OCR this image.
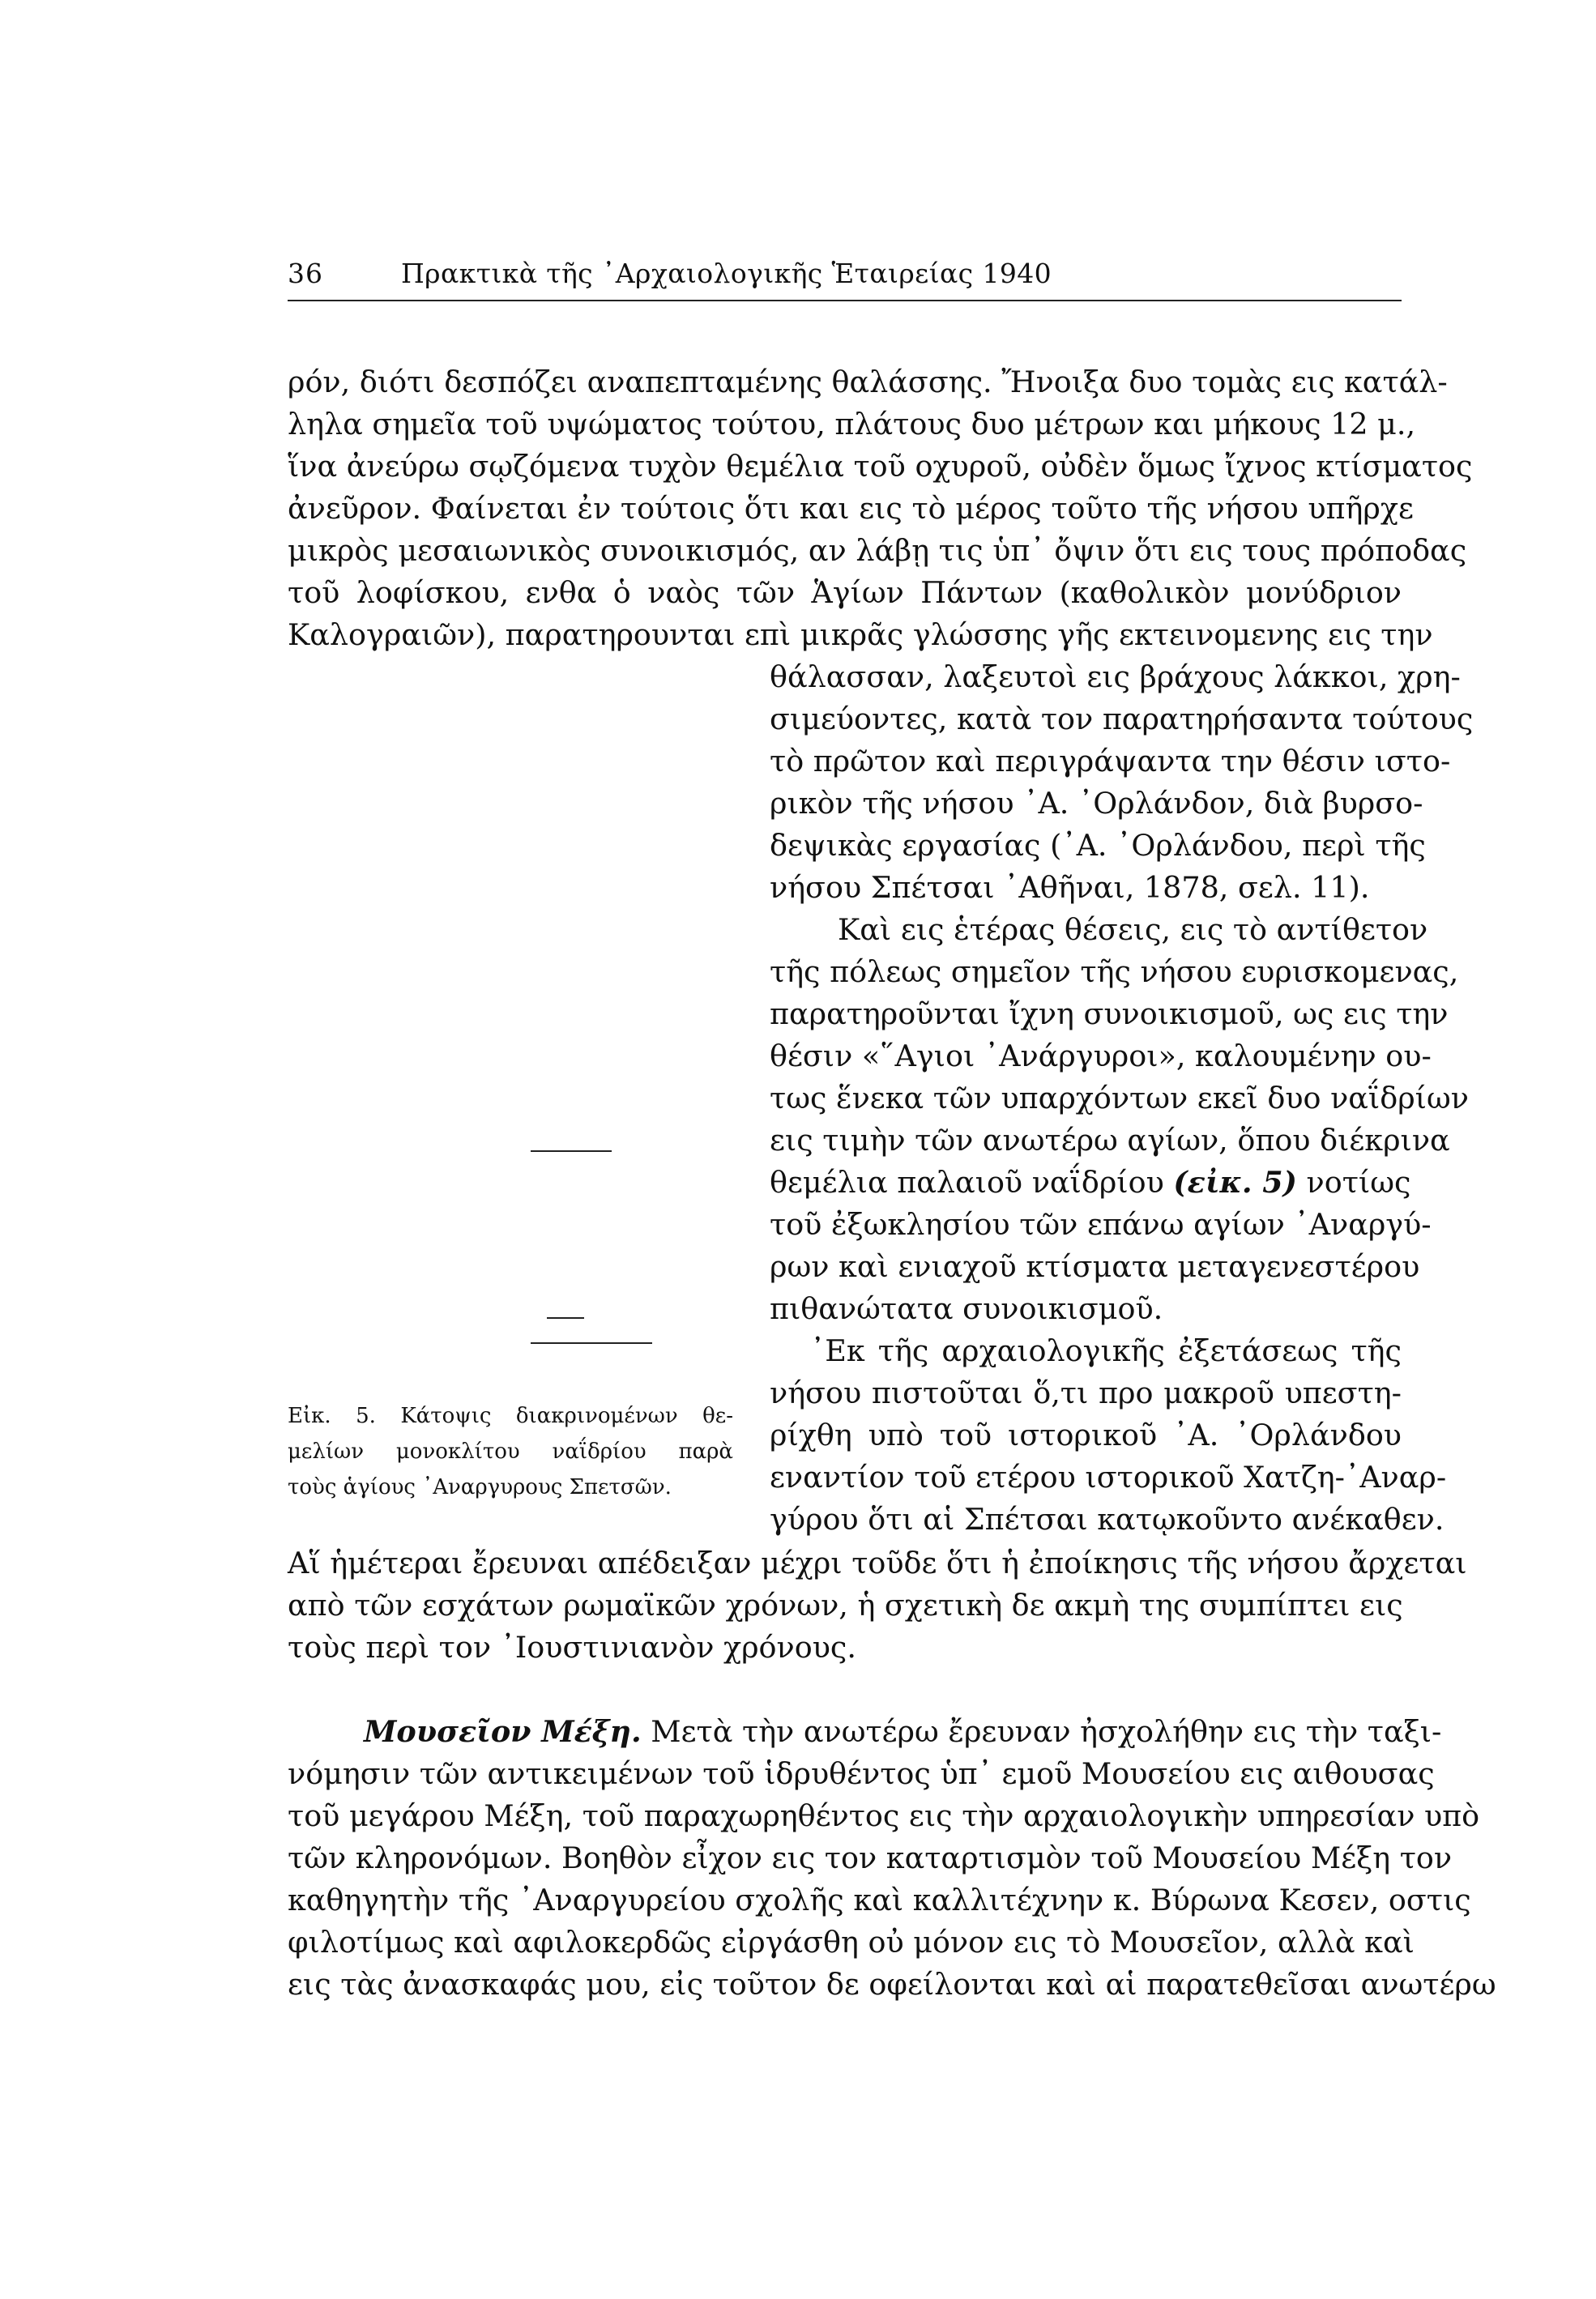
36	Πρακτικὰ τῆς ᾽Αρχαιολογικῆς Ἑταιρείας 1940
ρόν, διότι δεσπόζει αναπεπταμένης θαλάσσης. Ἤνοιξα δυο τομὰς εις κατάλ-
ληλα σημεῖα τοῦ υψώματος τούτου, πλάτους δυο μέτρων και μήκους 12 μ.,
ἵνα ἀνεύρω σῳζόμενα τυχὸν θεμέλια τοῦ οχυροῦ, οὐδὲν ὅμως ἴχνος κτίσματος
ἀνεῦρον. Φαίνεται ἐν τούτοις ὅτι και εις τὸ μέρος τοῦτο τῆς νήσου υπῆρχε
μικρὸς μεσαιωνικὸς συνοικισμός, αν λάβῃ τις ὑπ᾽ ὄψιν ὅτι εις τους πρόποδας
τοῦ λοφίσκου, ενθα ὁ ναὸς τῶν Ἁγίων Πάντων (καθολικὸν μονύδριον
Καλογραιῶν), παρατηρουνται επὶ μικρᾶς γλώσσης γῆς εκτεινομενης εις την
θάλασσαν, λαξευτοὶ εις βράχους λάκκοι, χρη-
σιμεύοντες, κατὰ τον παρατηρήσαντα τούτους
τὸ πρῶτον καὶ περιγράψαντα την θέσιν ιστο-
ρικὸν τῆς νήσου ᾽Α. ᾽Ορλάνδον, διὰ βυρσο-
δεψικὰς εργασίας (᾽Α. ᾽Ορλάνδου, περὶ τῆς
νήσου Σπέτσαι ᾽Αθῆναι, 1878, σελ. 11).
Καὶ εις ἑτέρας θέσεις, εις τὸ αντίθετον
τῆς πόλεως σημεῖον τῆς νήσου ευρισκομενας,
παρατηροῦνται ἴχνη συνοικισμοῦ, ως εις την
θέσιν «῞Αγιοι ᾽Ανάργυροι», καλουμένην ου-
τως ἕνεκα τῶν υπαρχόντων εκεῖ δυο ναΐδρίων
εις τιμὴν τῶν ανωτέρω αγίων, ὅπου διέκρινα
θεμέλια παλαιοῦ ναΐδρίου (εἰκ. 5) νοτίως
τοῦ ἐξωκλησίου τῶν επάνω αγίων ᾽Αναργύ-
ρων καὶ ενιαχοῦ κτίσματα μεταγενεστέρου
πιθανώτατα συνοικισμοῦ.
᾽Εκ τῆς αρχαιολογικῆς ἐξετάσεως τῆς
νήσου πιστοῦται ὅ,τι προ μακροῦ υπεστη-
ρίχθη υπὸ τοῦ ιστορικοῦ ᾽Α. ᾽Ορλάνδου
εναντίον τοῦ ετέρου ιστορικοῦ Χατζη-᾽Αναρ-
γύρου ὅτι αἱ Σπέτσαι κατῳκοῦντο ανέκαθεν.
Εἰκ. 5. Κάτοψις διακρινομένων θε-
μελίων μονοκλίτου ναΐδρίου παρὰ
τοὺς ἁγίους ᾽Αναργυρους Σπετσῶν.
Αἵ ἡμέτεραι ἔρευναι απέδειξαν μέχρι τοῦδε ὅτι ἡ ἐποίκησις τῆς νήσου ἄρχεται
απὸ τῶν εσχάτων ρωμαϊκῶν χρόνων, ἡ σχετικὴ δε ακμὴ της συμπίπτει εις
τοὺς περὶ τον ᾽Ιουστινιανὸν χρόνους.
Μουσεῖον Μέξη. Μετὰ τὴν ανωτέρω ἔρευναν ἠσχολήθην εις τὴν ταξι-
νόμησιν τῶν αντικειμένων τοῦ ἱδρυθέντος ὑπ᾽ εμοῦ Μουσείου εις αιθουσας
τοῦ μεγάρου Μέξη, τοῦ παραχωρηθέντος εις τὴν αρχαιολογικὴν υπηρεσίαν υπὸ
τῶν κληρονόμων. Βοηθὸν εἶχον εις τον καταρτισμὸν τοῦ Μουσείου Μέξη τον
καθηγητὴν τῆς ᾽Αναργυρείου σχολῆς καὶ καλλιτέχνην κ. Βύρωνα Κεσεν, οστις
φιλοτίμως καὶ αφιλοκερδῶς εἰργάσθη οὐ μόνον εις τὸ Μουσεῖον, αλλὰ καὶ
εις τὰς ἀνασκαφάς μου, εἰς τοῦτον δε οφείλονται καὶ αἱ παρατεθεῖσαι ανωτέρω
